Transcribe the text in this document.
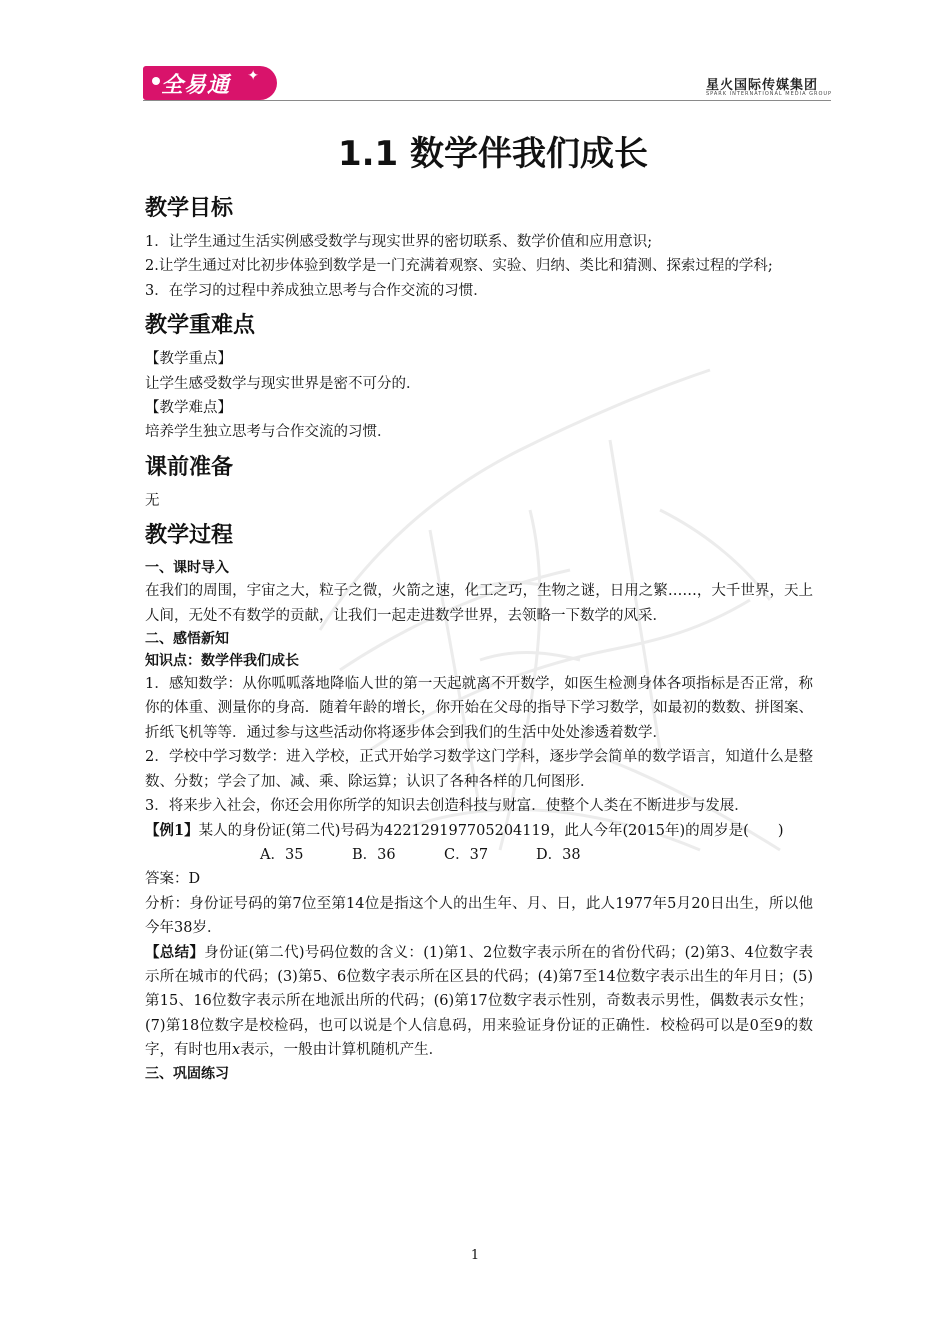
全易通 ✦
星火国际传媒集团
SPARK INTERNATIONAL MEDIA GROUP
1.1 数学伴我们成长
教学目标

1．让学生通过生活实例感受数学与现实世界的密切联系、数学价值和应用意识;

2.让学生通过对比初步体验到数学是一门充满着观察、实验、归纳、类比和猜测、探索过程的学科;

3．在学习的过程中养成独立思考与合作交流的习惯．

教学重难点

【教学重点】

让学生感受数学与现实世界是密不可分的．

【教学难点】

培养学生独立思考与合作交流的习惯．

课前准备

无

教学过程
一、课时导入

在我们的周围，宇宙之大，粒子之微，火箭之速，化工之巧，生物之谜，日用之繁……，大千世界，天上人间，无处不有数学的贡献，让我们一起走进数学世界，去领略一下数学的风采．

二、感悟新知
知识点：数学伴我们成长

1．感知数学：从你呱呱落地降临人世的第一天起就离不开数学，如医生检测身体各项指标是否正常，称你的体重、测量你的身高．随着年龄的增长，你开始在父母的指导下学习数学，如最初的数数、拼图案、折纸飞机等等．通过参与这些活动你将逐步体会到我们的生活中处处渗透着数学．

2．学校中学习数学：进入学校，正式开始学习数学这门学科，逐步学会简单的数学语言，知道什么是整数、分数；学会了加、减、乘、除运算；认识了各种各样的几何图形．

3．将来步入社会，你还会用你所学的知识去创造科技与财富．使整个人类在不断进步与发展．

【例1】某人的身份证(第二代)号码为422129197705204119，此人今年(2015年)的周岁是(　　)

A．35	B．36	C．37	D．38

答案：D

分析：身份证号码的第7位至第14位是指这个人的出生年、月、日，此人1977年5月20日出生，所以他今年38岁．

【总结】身份证(第二代)号码位数的含义：(1)第1、2位数字表示所在的省份代码；(2)第3、4位数字表示所在城市的代码；(3)第5、6位数字表示所在区县的代码；(4)第7至14位数字表示出生的年月日；(5)第15、16位数字表示所在地派出所的代码；(6)第17位数字表示性别，奇数表示男性，偶数表示女性；(7)第18位数字是校检码，也可以说是个人信息码，用来验证身份证的正确性．校检码可以是0至9的数字，有时也用x表示，一般由计算机随机产生．

三、巩固练习
1
